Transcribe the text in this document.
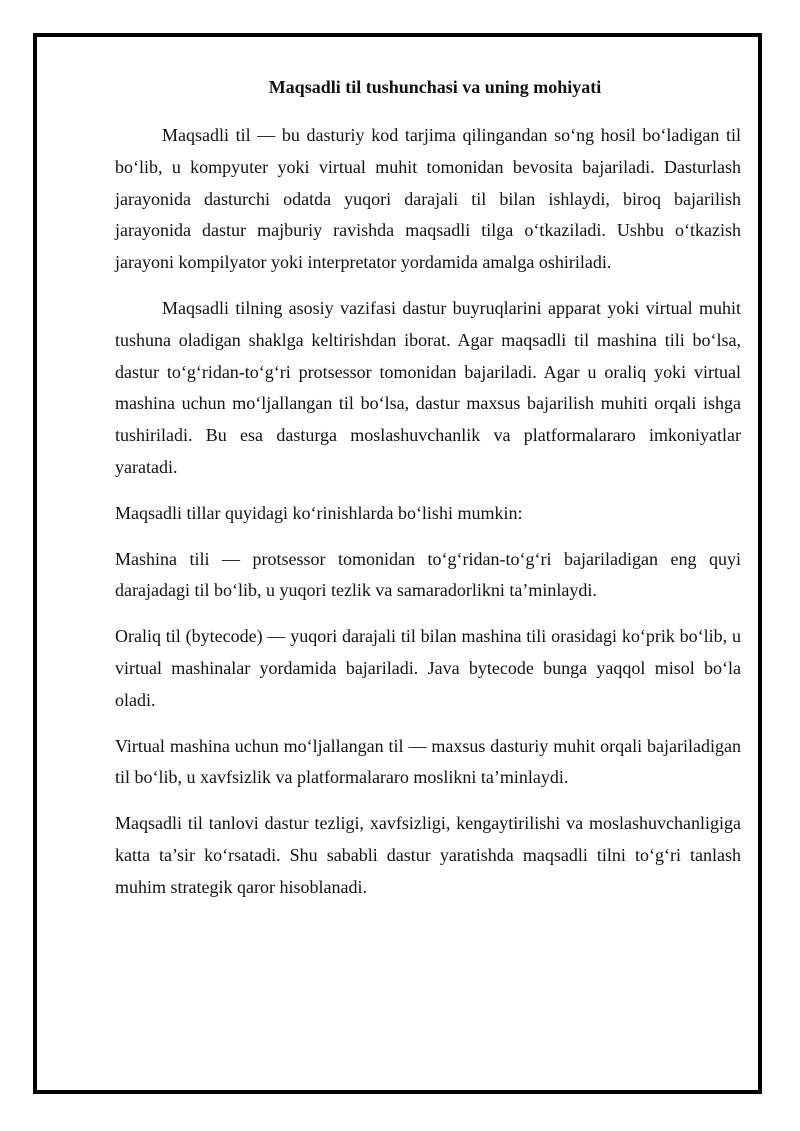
Maqsadli til tushunchasi va uning mohiyati

Maqsadli til — bu dasturiy kod tarjima qilingandan so‘ng hosil bo‘ladigan til bo‘lib, u kompyuter yoki virtual muhit tomonidan bevosita bajariladi. Dasturlash jarayonida dasturchi odatda yuqori darajali til bilan ishlaydi, biroq bajarilish jarayonida dastur majburiy ravishda maqsadli tilga o‘tkaziladi. Ushbu o‘tkazish jarayoni kompilyator yoki interpretator yordamida amalga oshiriladi.

Maqsadli tilning asosiy vazifasi dastur buyruqlarini apparat yoki virtual muhit tushuna oladigan shaklga keltirishdan iborat. Agar maqsadli til mashina tili bo‘lsa, dastur to‘g‘ridan-to‘g‘ri protsessor tomonidan bajariladi. Agar u oraliq yoki virtual mashina uchun mo‘ljallangan til bo‘lsa, dastur maxsus bajarilish muhiti orqali ishga tushiriladi. Bu esa dasturga moslashuvchanlik va platformalararo imkoniyatlar yaratadi.

Maqsadli tillar quyidagi ko‘rinishlarda bo‘lishi mumkin:

Mashina tili — protsessor tomonidan to‘g‘ridan-to‘g‘ri bajariladigan eng quyi darajadagi til bo‘lib, u yuqori tezlik va samaradorlikni ta’minlaydi.

Oraliq til (bytecode) — yuqori darajali til bilan mashina tili orasidagi ko‘prik bo‘lib, u virtual mashinalar yordamida bajariladi. Java bytecode bunga yaqqol misol bo‘la oladi.

Virtual mashina uchun mo‘ljallangan til — maxsus dasturiy muhit orqali bajariladigan til bo‘lib, u xavfsizlik va platformalararo moslikni ta’minlaydi.

Maqsadli til tanlovi dastur tezligi, xavfsizligi, kengaytirilishi va moslashuvchanligiga katta ta’sir ko‘rsatadi. Shu sababli dastur yaratishda maqsadli tilni to‘g‘ri tanlash muhim strategik qaror hisoblanadi.
